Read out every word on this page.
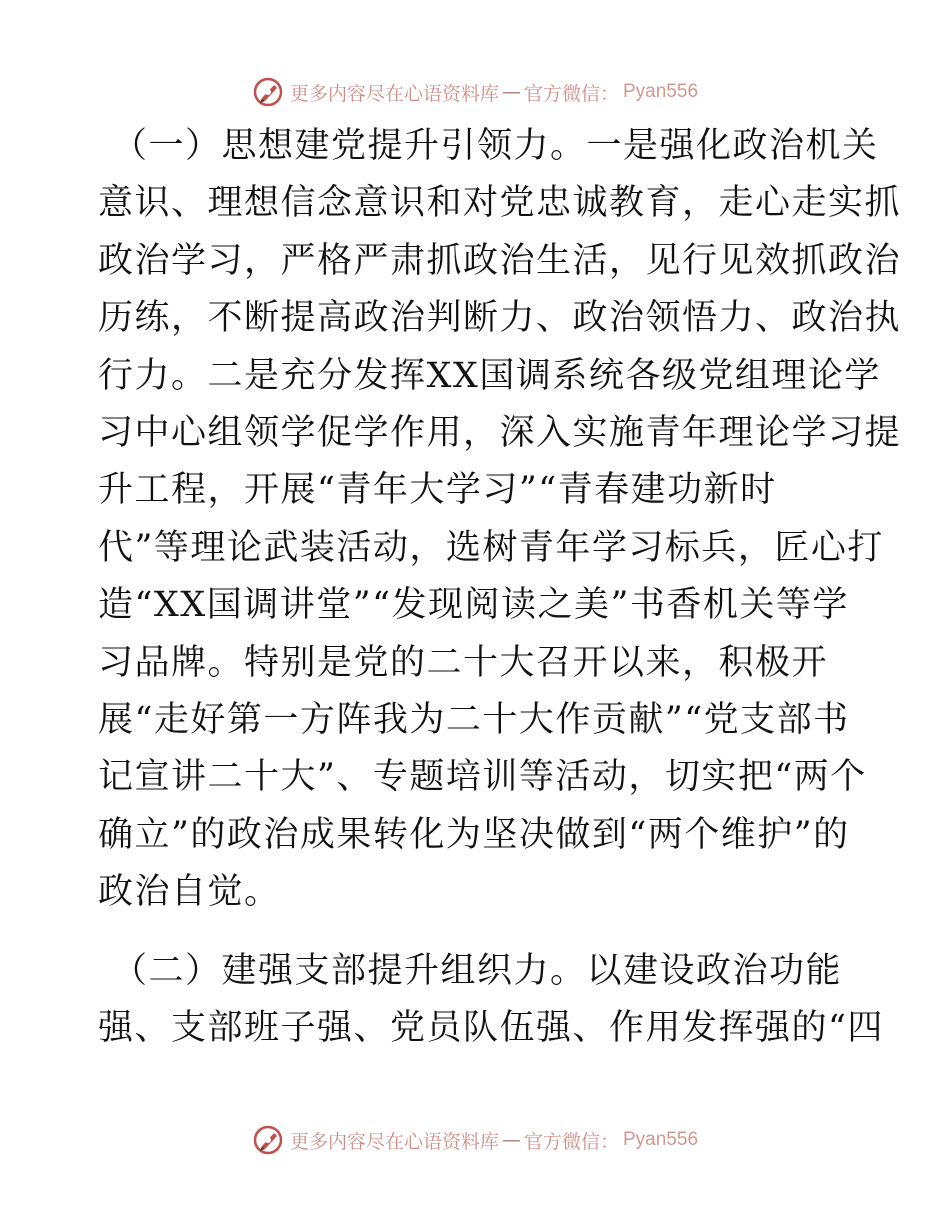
更多内容尽在心语资料库 — 官方微信： Pyan556

（一）思想建党提升引领力。一是强化政治机关

意识、理想信念意识和对党忠诚教育，走心走实抓

政治学习，严格严肃抓政治生活，见行见效抓政治

历练，不断提高政治判断力、政治领悟力、政治执

行力。二是充分发挥XX国调系统各级党组理论学

习中心组领学促学作用，深入实施青年理论学习提

升工程，开展“青年大学习”“青春建功新时

代”等理论武装活动，选树青年学习标兵，匠心打

造“XX国调讲堂”“发现阅读之美”书香机关等学

习品牌。特别是党的二十大召开以来，积极开

展“走好第一方阵我为二十大作贡献”“党支部书

记宣讲二十大”、专题培训等活动，切实把“两个

确立”的政治成果转化为坚决做到“两个维护”的

政治自觉。

（二）建强支部提升组织力。以建设政治功能

强、支部班子强、党员队伍强、作用发挥强的“四

更多内容尽在心语资料库 — 官方微信： Pyan556
